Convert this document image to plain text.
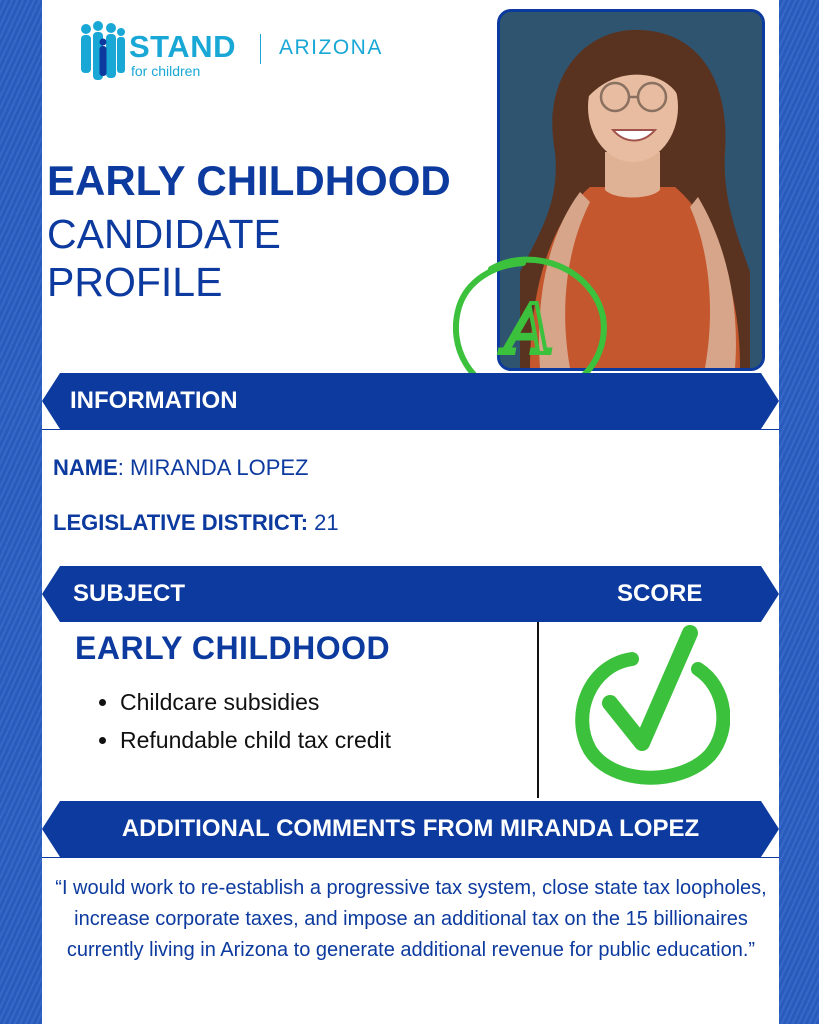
STAND
for children
ARIZONA
EARLY CHILDHOOD
CANDIDATE PROFILE
A
INFORMATION
NAME: MIRANDA LOPEZ
LEGISLATIVE DISTRICT: 21
SUBJECT	SCORE
EARLY CHILDHOOD
• Childcare subsidies
• Refundable child tax credit
ADDITIONAL COMMENTS FROM MIRANDA LOPEZ
“I would work to re-establish a progressive tax system, close state tax loopholes, increase corporate taxes, and impose an additional tax on the 15 billionaires currently living in Arizona to generate additional revenue for public education.”
